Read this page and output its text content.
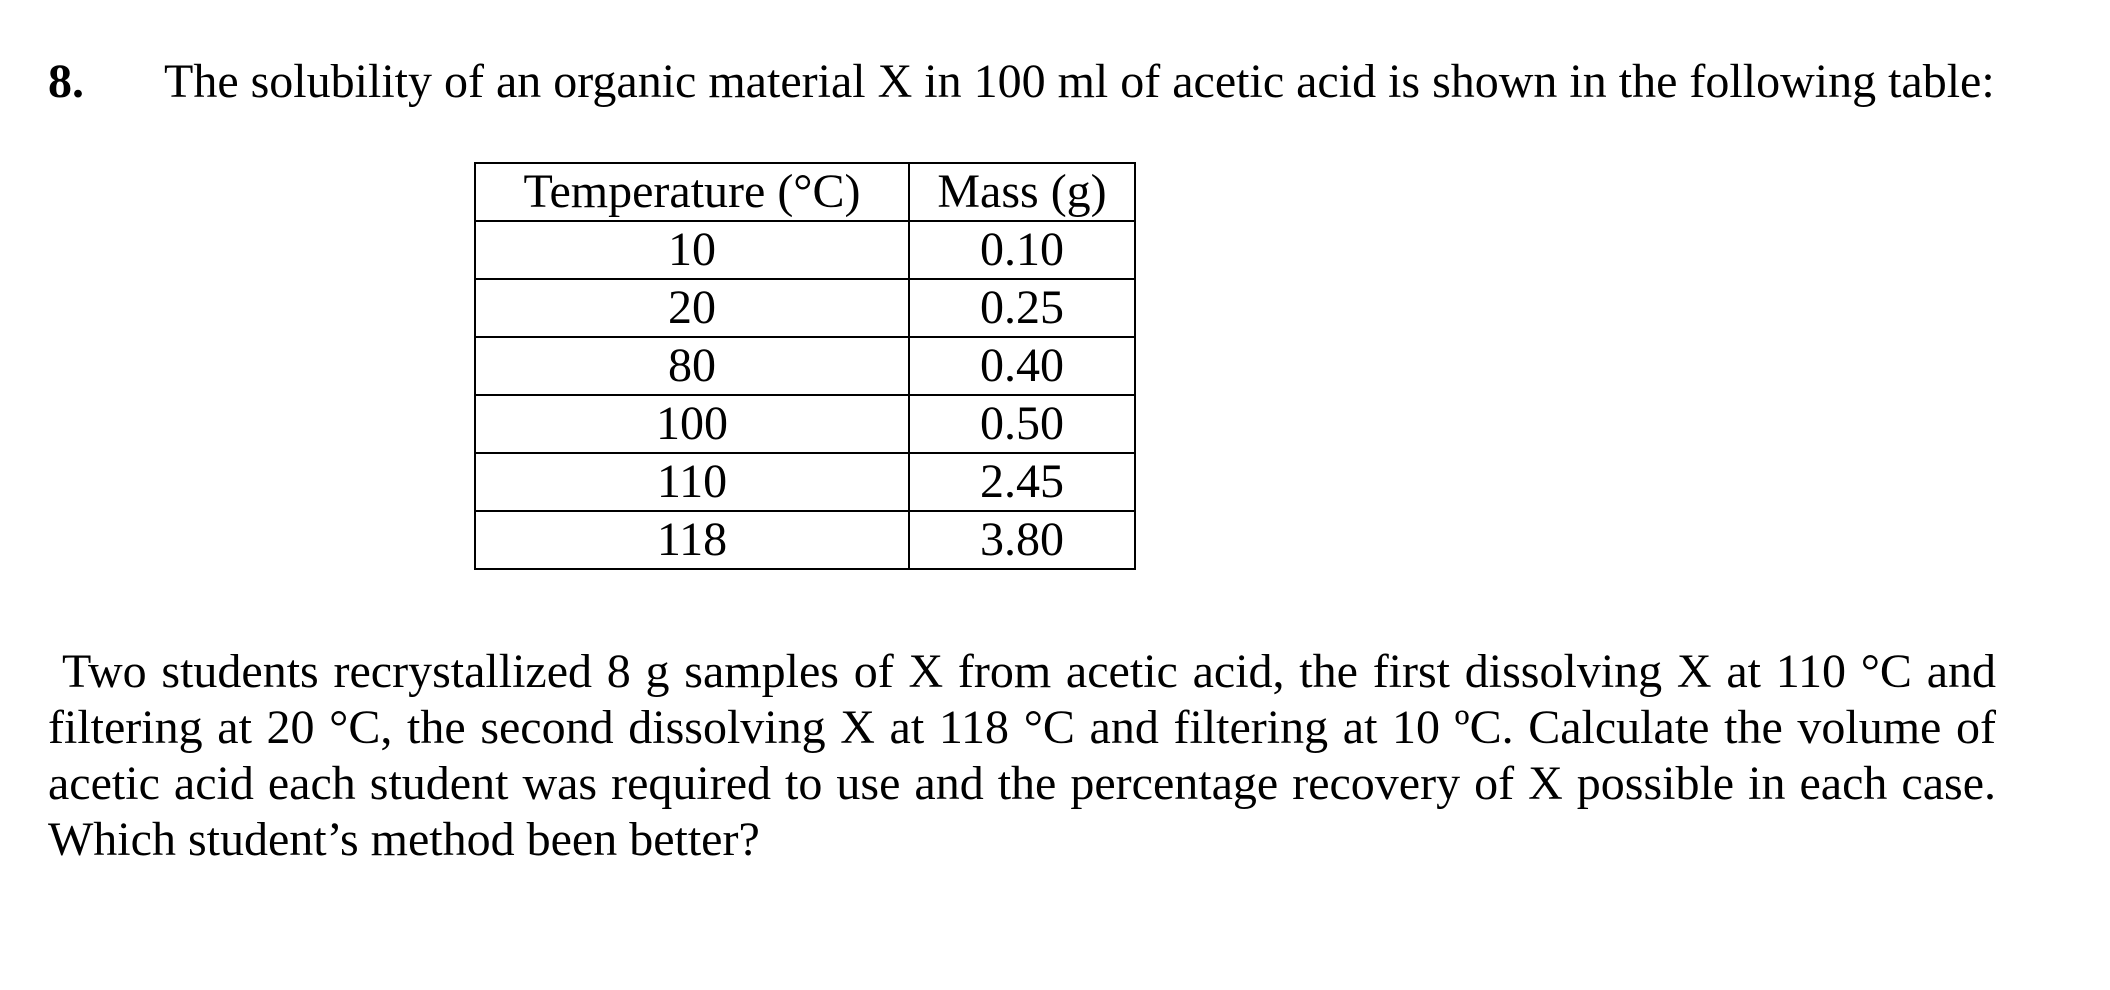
8. The solubility of an organic material X in 100 ml of acetic acid is shown in the following table:
Temperature (°C)	Mass (g)
10	0.10
20	0.25
80	0.40
100	0.50
110	2.45
118	3.80
Two students recrystallized 8 g samples of X from acetic acid, the first dissolving X at 110 °C and filtering at 20 °C, the second dissolving X at 118 °C and filtering at 10 ºC. Calculate the volume of acetic acid each student was required to use and the percentage recovery of X possible in each case. Which student’s method been better?
